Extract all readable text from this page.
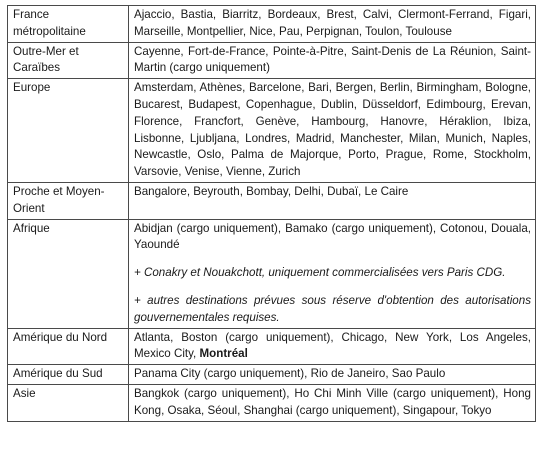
France métropolitaine	Ajaccio, Bastia, Biarritz, Bordeaux, Brest, Calvi, Clermont-Ferrand, Figari, Marseille, Montpellier, Nice, Pau, Perpignan, Toulon, Toulouse

Outre-Mer et Caraïbes	Cayenne, Fort-de-France, Pointe-à-Pitre, Saint-Denis de La Réunion, Saint-Martin (cargo uniquement)

Europe	Amsterdam, Athènes, Barcelone, Bari, Bergen, Berlin, Birmingham, Bologne, Bucarest, Budapest, Copenhague, Dublin, Düsseldorf, Edimbourg, Erevan, Florence, Francfort, Genève, Hambourg, Hanovre, Héraklion, Ibiza, Lisbonne, Ljubljana, Londres, Madrid, Manchester, Milan, Munich, Naples, Newcastle, Oslo, Palma de Majorque, Porto, Prague, Rome, Stockholm, Varsovie, Venise, Vienne, Zurich

Proche et Moyen-Orient	Bangalore, Beyrouth, Bombay, Delhi, Dubaï, Le Caire

Afrique	Abidjan (cargo uniquement), Bamako (cargo uniquement), Cotonou, Douala, Yaoundé
+ Conakry et Nouakchott, uniquement commercialisées vers Paris CDG.
+ autres destinations prévues sous réserve d'obtention des autorisations gouvernementales requises.

Amérique du Nord	Atlanta, Boston (cargo uniquement), Chicago, New York, Los Angeles, Mexico City, Montréal

Amérique du Sud	Panama City (cargo uniquement), Rio de Janeiro, Sao Paulo

Asie	Bangkok (cargo uniquement), Ho Chi Minh Ville (cargo uniquement), Hong Kong, Osaka, Séoul, Shanghai (cargo uniquement), Singapour, Tokyo
